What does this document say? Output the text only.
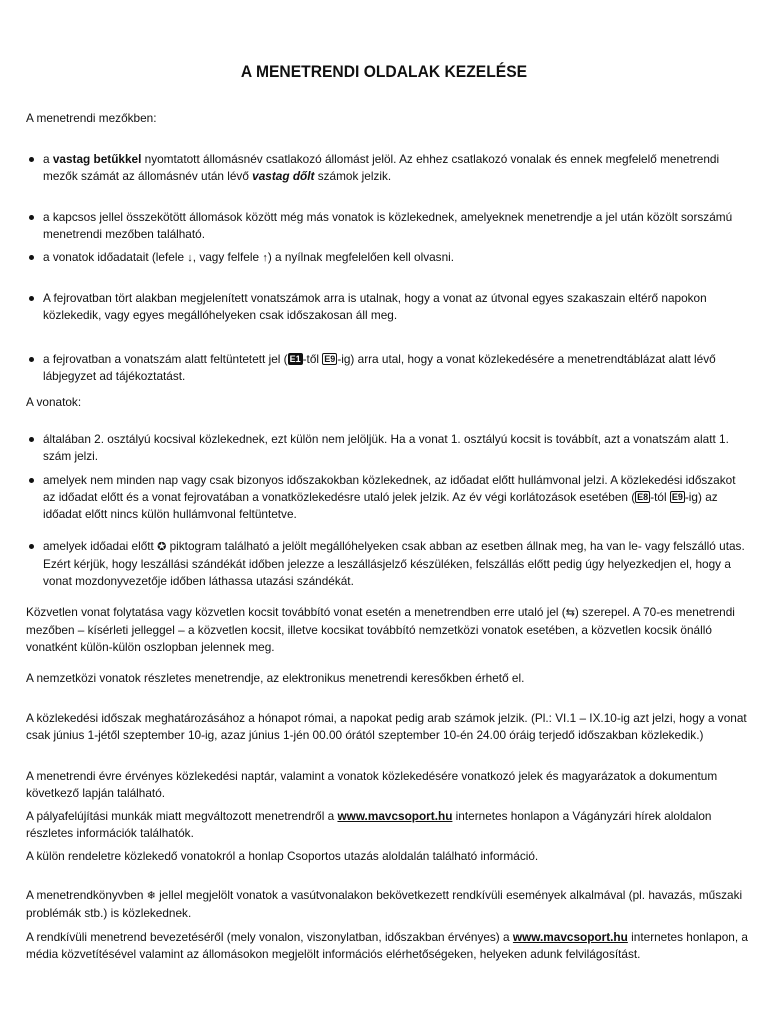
A MENETRENDI OLDALAK KEZELÉSE

A menetrendi mezőkben:

a vastag betűkkel nyomtatott állomásnév csatlakozó állomást jelöl. Az ehhez csatlakozó vonalak és ennek megfelelő menetrendi mezők számát az állomásnév után lévő vastag dőlt számok jelzik.
a kapcsos jellel összekötött állomások között még más vonatok is közlekednek, amelyeknek menetrendje a jel után közölt sorszámú menetrendi mezőben található.
a vonatok időadatait (lefele ↓, vagy felfele ↑) a nyílnak megfelelően kell olvasni.
A fejrovatban tört alakban megjelenített vonatszámok arra is utalnak, hogy a vonat az útvonal egyes szakaszain eltérő napokon közlekedik, vagy egyes megállóhelyeken csak időszakosan áll meg.
a fejrovatban a vonatszám alatt feltüntetett jel ( E1 -től E9 -ig) arra utal, hogy a vonat közlekedésére a menetrendtáblázat alatt lévő lábjegyzet ad tájékoztatást.

A vonatok:

általában 2. osztályú kocsival közlekednek, ezt külön nem jelöljük. Ha a vonat 1. osztályú kocsit is továbbít, azt a vonatszám alatt 1. szám jelzi.
amelyek nem minden nap vagy csak bizonyos időszakokban közlekednek, az időadat előtt hullámvonal jelzi. A közlekedési időszakot az időadat előtt és a vonat fejrovatában a vonatközlekedésre utaló jelek jelzik. Az év végi korlátozások esetében ( E8 -tól E9 -ig) az időadat előtt nincs külön hullámvonal feltüntetve.
amelyek időadai előtt ✪ piktogram található a jelölt megállóhelyeken csak abban az esetben állnak meg, ha van le- vagy felszálló utas. Ezért kérjük, hogy leszállási szándékát időben jelezze a leszállásjelző készüléken, felszállás előtt pedig úgy helyezkedjen el, hogy a vonat mozdonyvezetője időben láthassa utazási szándékát.

Közvetlen vonat folytatása vagy közvetlen kocsit továbbító vonat esetén a menetrendben erre utaló jel (⇆) szerepel. A 70-es menetrendi mezőben – kísérleti jelleggel – a közvetlen kocsit, illetve kocsikat továbbító nemzetközi vonatok esetében, a közvetlen kocsik önálló vonatként külön-külön oszlopban jelennek meg.

A nemzetközi vonatok részletes menetrendje, az elektronikus menetrendi keresőkben érhető el.

A közlekedési időszak meghatározásához a hónapot római, a napokat pedig arab számok jelzik. (Pl.: VI.1 – IX.10-ig azt jelzi, hogy a vonat csak június 1-jétől szeptember 10-ig, azaz június 1-jén 00.00 órától szeptember 10-én 24.00 óráig terjedő időszakban közlekedik.)

A menetrendi évre érvényes közlekedési naptár, valamint a vonatok közlekedésére vonatkozó jelek és magyarázatok a dokumentum következő lapján található.

A pályafelújítási munkák miatt megváltozott menetrendről a www.mavcsoport.hu internetes honlapon a Vágányzári hírek aloldalon részletes információk találhatók.

A külön rendeletre közlekedő vonatokról a honlap Csoportos utazás aloldalán található információ.

A menetrendkönyvben ❄ jellel megjelölt vonatok a vasútvonalakon bekövetkezett rendkívüli események alkalmával (pl. havazás, műszaki problémák stb.) is közlekednek.

A rendkívüli menetrend bevezetéséről (mely vonalon, viszonylatban, időszakban érvényes) a www.mavcsoport.hu internetes honlapon, a média közvetítésével valamint az állomásokon megjelölt információs elérhetőségeken, helyeken adunk felvilágosítást.
